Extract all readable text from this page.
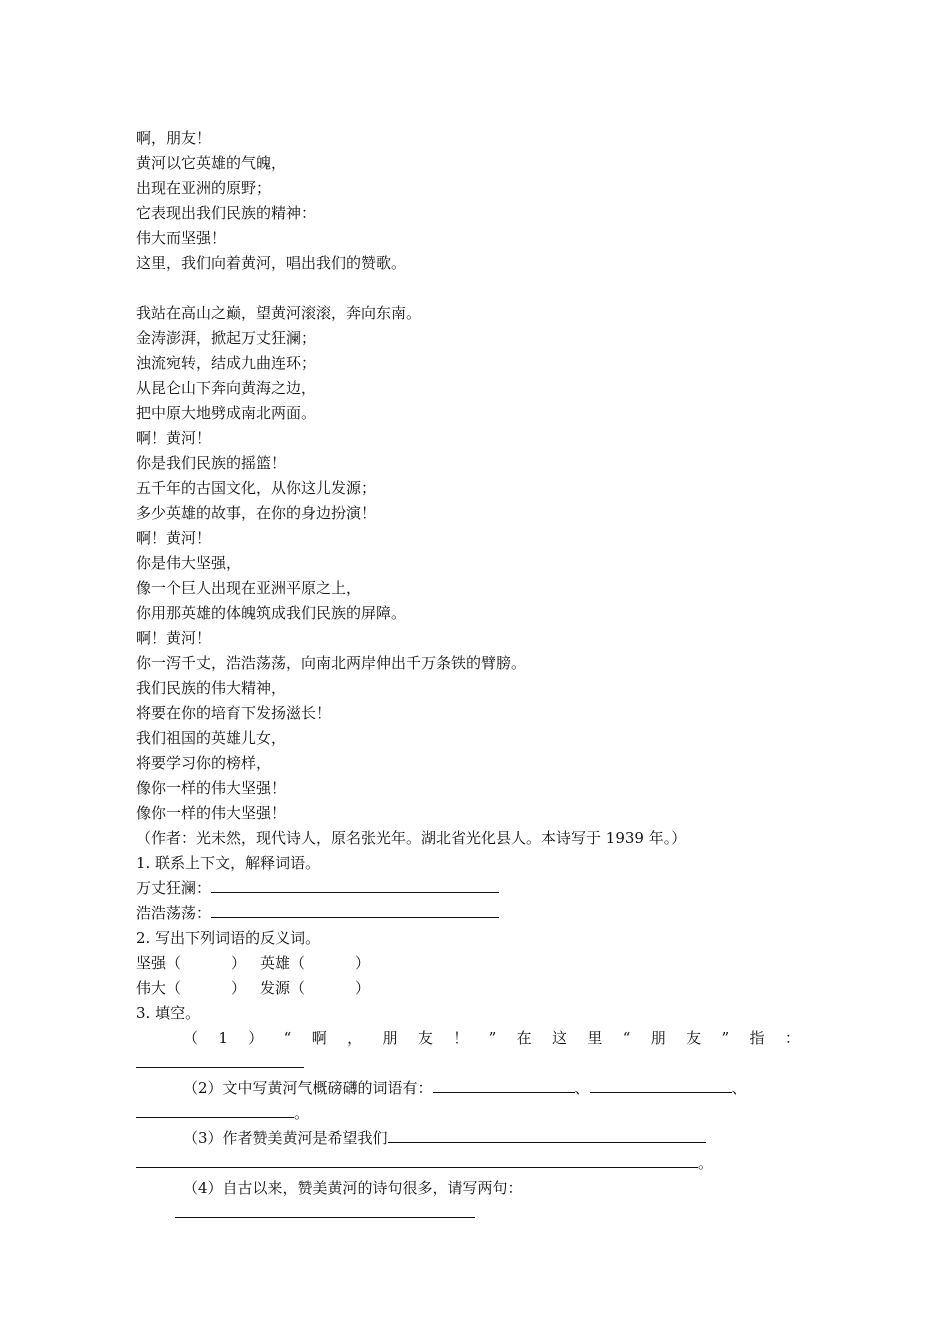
啊，朋友！
黄河以它英雄的气魄，
出现在亚洲的原野；
它表现出我们民族的精神：
伟大而坚强！
这里，我们向着黄河，唱出我们的赞歌。
我站在高山之巅，望黄河滚滚，奔向东南。
金涛澎湃，掀起万丈狂澜；
浊流宛转，结成九曲连环；
从昆仑山下奔向黄海之边，
把中原大地劈成南北两面。
啊！黄河！
你是我们民族的摇篮！
五千年的古国文化，从你这儿发源；
多少英雄的故事，在你的身边扮演！
啊！黄河！
你是伟大坚强，
像一个巨人出现在亚洲平原之上，
你用那英雄的体魄筑成我们民族的屏障。
啊！黄河！
你一泻千丈，浩浩荡荡，向南北两岸伸出千万条铁的臂膀。
我们民族的伟大精神，
将要在你的培育下发扬滋长！
我们祖国的英雄儿女，
将要学习你的榜样，
像你一样的伟大坚强！
像你一样的伟大坚强！
（作者：光未然，现代诗人，原名张光年。湖北省光化县人。本诗写于 1939 年。）
1. 联系上下文，解释词语。
万丈狂澜：
浩浩荡荡：
2. 写出下列词语的反义词。
坚强（	） 英雄（	）
伟大（	） 发源（	）
3. 填空。
（ 1 ） “ 啊 ， 朋 友 ！ ” 在 这 里 “ 朋 友 ” 指 ：
（2）文中写黄河气概磅礴的词语有：	、	、
。
（3）作者赞美黄河是希望我们
。
（4）自古以来，赞美黄河的诗句很多，请写两句：
